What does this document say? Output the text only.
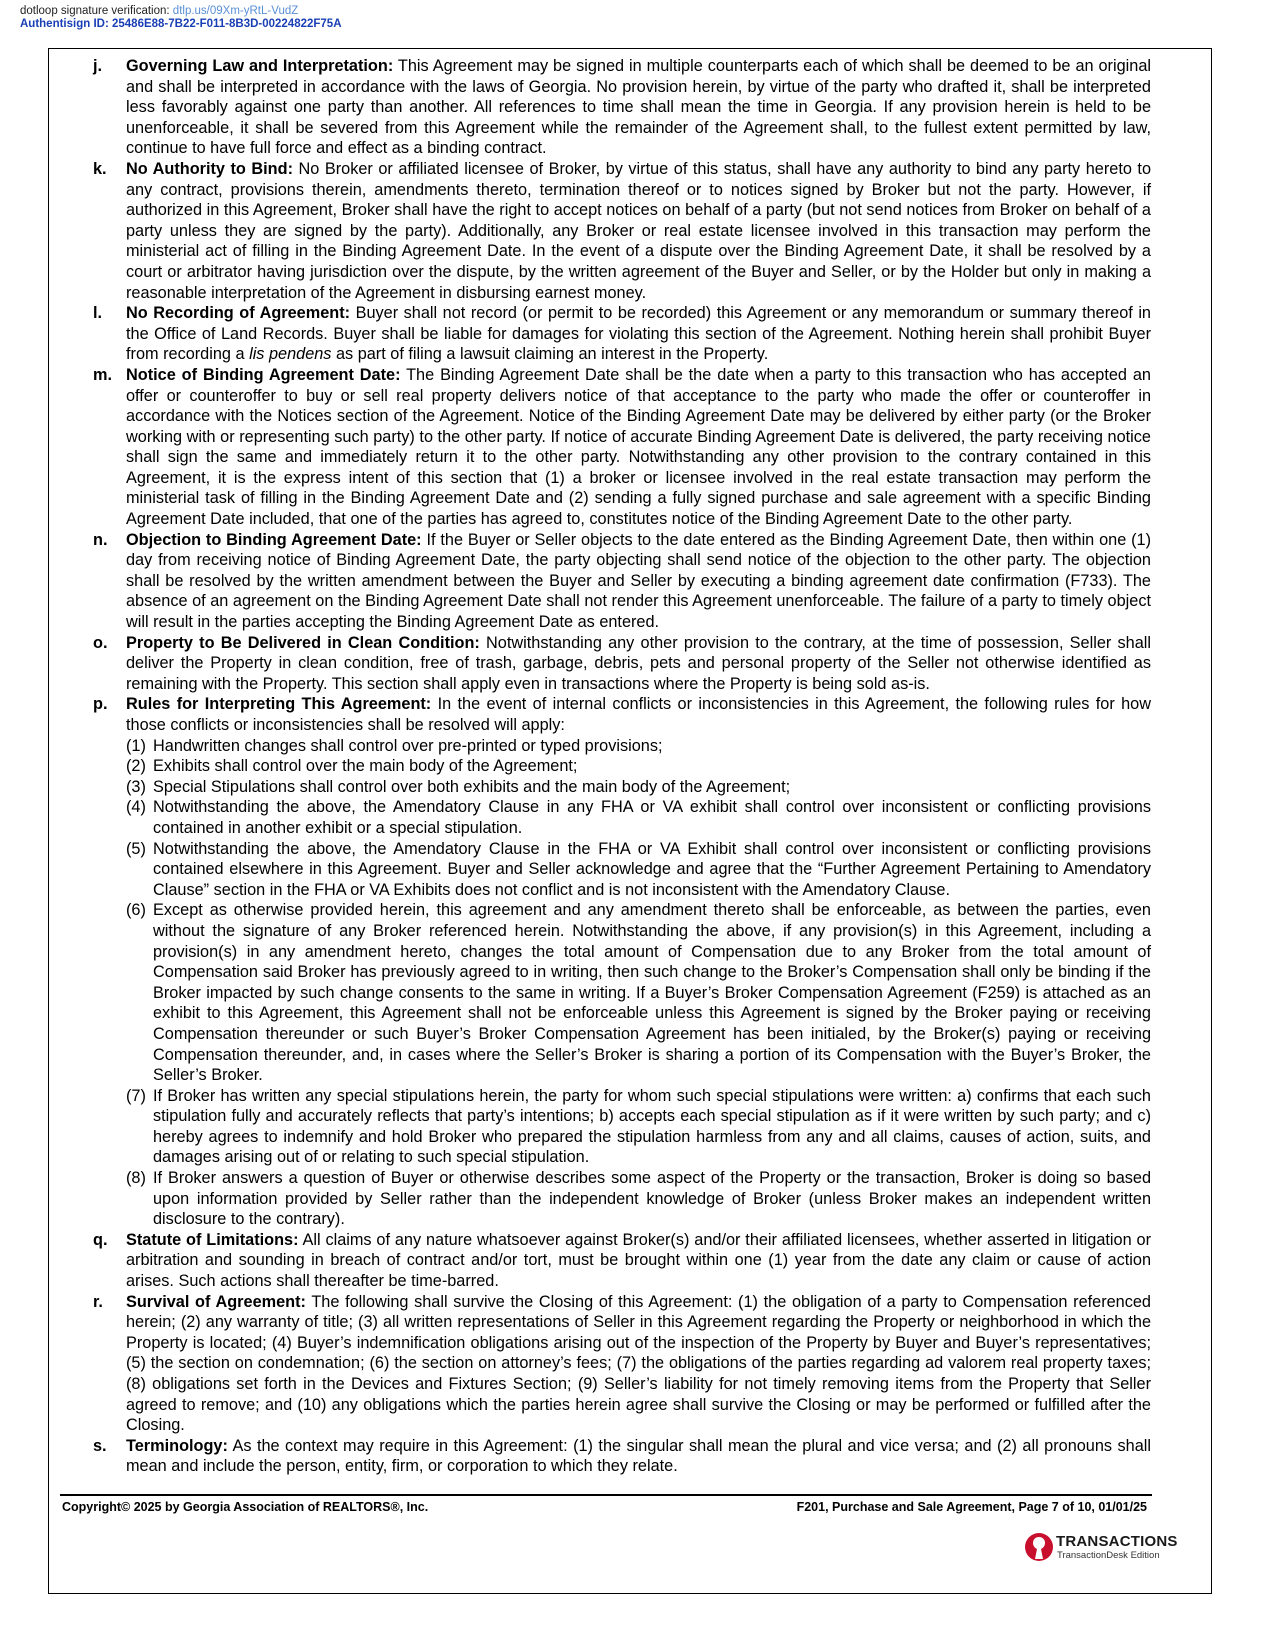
dotloop signature verification: dtlp.us/09Xm-yRtL-VudZ
Authentisign ID: 25486E88-7B22-F011-8B3D-00224822F75A
j. Governing Law and Interpretation: This Agreement may be signed in multiple counterparts each of which shall be deemed to be an original and shall be interpreted in accordance with the laws of Georgia. No provision herein, by virtue of the party who drafted it, shall be interpreted less favorably against one party than another. All references to time shall mean the time in Georgia. If any provision herein is held to be unenforceable, it shall be severed from this Agreement while the remainder of the Agreement shall, to the fullest extent permitted by law, continue to have full force and effect as a binding contract.
k. No Authority to Bind: No Broker or affiliated licensee of Broker, by virtue of this status, shall have any authority to bind any party hereto to any contract, provisions therein, amendments thereto, termination thereof or to notices signed by Broker but not the party. However, if authorized in this Agreement, Broker shall have the right to accept notices on behalf of a party (but not send notices from Broker on behalf of a party unless they are signed by the party). Additionally, any Broker or real estate licensee involved in this transaction may perform the ministerial act of filling in the Binding Agreement Date. In the event of a dispute over the Binding Agreement Date, it shall be resolved by a court or arbitrator having jurisdiction over the dispute, by the written agreement of the Buyer and Seller, or by the Holder but only in making a reasonable interpretation of the Agreement in disbursing earnest money.
l. No Recording of Agreement: Buyer shall not record (or permit to be recorded) this Agreement or any memorandum or summary thereof in the Office of Land Records. Buyer shall be liable for damages for violating this section of the Agreement. Nothing herein shall prohibit Buyer from recording a lis pendens as part of filing a lawsuit claiming an interest in the Property.
m. Notice of Binding Agreement Date: The Binding Agreement Date shall be the date when a party to this transaction who has accepted an offer or counteroffer to buy or sell real property delivers notice of that acceptance to the party who made the offer or counteroffer in accordance with the Notices section of the Agreement. Notice of the Binding Agreement Date may be delivered by either party (or the Broker working with or representing such party) to the other party. If notice of accurate Binding Agreement Date is delivered, the party receiving notice shall sign the same and immediately return it to the other party. Notwithstanding any other provision to the contrary contained in this Agreement, it is the express intent of this section that (1) a broker or licensee involved in the real estate transaction may perform the ministerial task of filling in the Binding Agreement Date and (2) sending a fully signed purchase and sale agreement with a specific Binding Agreement Date included, that one of the parties has agreed to, constitutes notice of the Binding Agreement Date to the other party.
n. Objection to Binding Agreement Date: If the Buyer or Seller objects to the date entered as the Binding Agreement Date, then within one (1) day from receiving notice of Binding Agreement Date, the party objecting shall send notice of the objection to the other party. The objection shall be resolved by the written amendment between the Buyer and Seller by executing a binding agreement date confirmation (F733). The absence of an agreement on the Binding Agreement Date shall not render this Agreement unenforceable. The failure of a party to timely object will result in the parties accepting the Binding Agreement Date as entered.
o. Property to Be Delivered in Clean Condition: Notwithstanding any other provision to the contrary, at the time of possession, Seller shall deliver the Property in clean condition, free of trash, garbage, debris, pets and personal property of the Seller not otherwise identified as remaining with the Property. This section shall apply even in transactions where the Property is being sold as-is.
p. Rules for Interpreting This Agreement: In the event of internal conflicts or inconsistencies in this Agreement, the following rules for how those conflicts or inconsistencies shall be resolved will apply:
(1) Handwritten changes shall control over pre-printed or typed provisions;
(2) Exhibits shall control over the main body of the Agreement;
(3) Special Stipulations shall control over both exhibits and the main body of the Agreement;
(4) Notwithstanding the above, the Amendatory Clause in any FHA or VA exhibit shall control over inconsistent or conflicting provisions contained in another exhibit or a special stipulation.
(5) Notwithstanding the above, the Amendatory Clause in the FHA or VA Exhibit shall control over inconsistent or conflicting provisions contained elsewhere in this Agreement. Buyer and Seller acknowledge and agree that the “Further Agreement Pertaining to Amendatory Clause” section in the FHA or VA Exhibits does not conflict and is not inconsistent with the Amendatory Clause.
(6) Except as otherwise provided herein, this agreement and any amendment thereto shall be enforceable, as between the parties, even without the signature of any Broker referenced herein. Notwithstanding the above, if any provision(s) in this Agreement, including a provision(s) in any amendment hereto, changes the total amount of Compensation due to any Broker from the total amount of Compensation said Broker has previously agreed to in writing, then such change to the Broker’s Compensation shall only be binding if the Broker impacted by such change consents to the same in writing. If a Buyer’s Broker Compensation Agreement (F259) is attached as an exhibit to this Agreement, this Agreement shall not be enforceable unless this Agreement is signed by the Broker paying or receiving Compensation thereunder or such Buyer’s Broker Compensation Agreement has been initialed, by the Broker(s) paying or receiving Compensation thereunder, and, in cases where the Seller’s Broker is sharing a portion of its Compensation with the Buyer’s Broker, the Seller’s Broker.
(7) If Broker has written any special stipulations herein, the party for whom such special stipulations were written: a) confirms that each such stipulation fully and accurately reflects that party’s intentions; b) accepts each special stipulation as if it were written by such party; and c) hereby agrees to indemnify and hold Broker who prepared the stipulation harmless from any and all claims, causes of action, suits, and damages arising out of or relating to such special stipulation.
(8) If Broker answers a question of Buyer or otherwise describes some aspect of the Property or the transaction, Broker is doing so based upon information provided by Seller rather than the independent knowledge of Broker (unless Broker makes an independent written disclosure to the contrary).
q. Statute of Limitations: All claims of any nature whatsoever against Broker(s) and/or their affiliated licensees, whether asserted in litigation or arbitration and sounding in breach of contract and/or tort, must be brought within one (1) year from the date any claim or cause of action arises. Such actions shall thereafter be time-barred.
r. Survival of Agreement: The following shall survive the Closing of this Agreement: (1) the obligation of a party to Compensation referenced herein; (2) any warranty of title; (3) all written representations of Seller in this Agreement regarding the Property or neighborhood in which the Property is located; (4) Buyer’s indemnification obligations arising out of the inspection of the Property by Buyer and Buyer’s representatives; (5) the section on condemnation; (6) the section on attorney’s fees; (7) the obligations of the parties regarding ad valorem real property taxes; (8) obligations set forth in the Devices and Fixtures Section; (9) Seller’s liability for not timely removing items from the Property that Seller agreed to remove; and (10) any obligations which the parties herein agree shall survive the Closing or may be performed or fulfilled after the Closing.
s. Terminology: As the context may require in this Agreement: (1) the singular shall mean the plural and vice versa; and (2) all pronouns shall mean and include the person, entity, firm, or corporation to which they relate.
Copyright© 2025 by Georgia Association of REALTORS®, Inc.	F201, Purchase and Sale Agreement, Page 7 of 10, 01/01/25
TRANSACTIONS
TransactionDesk Edition
